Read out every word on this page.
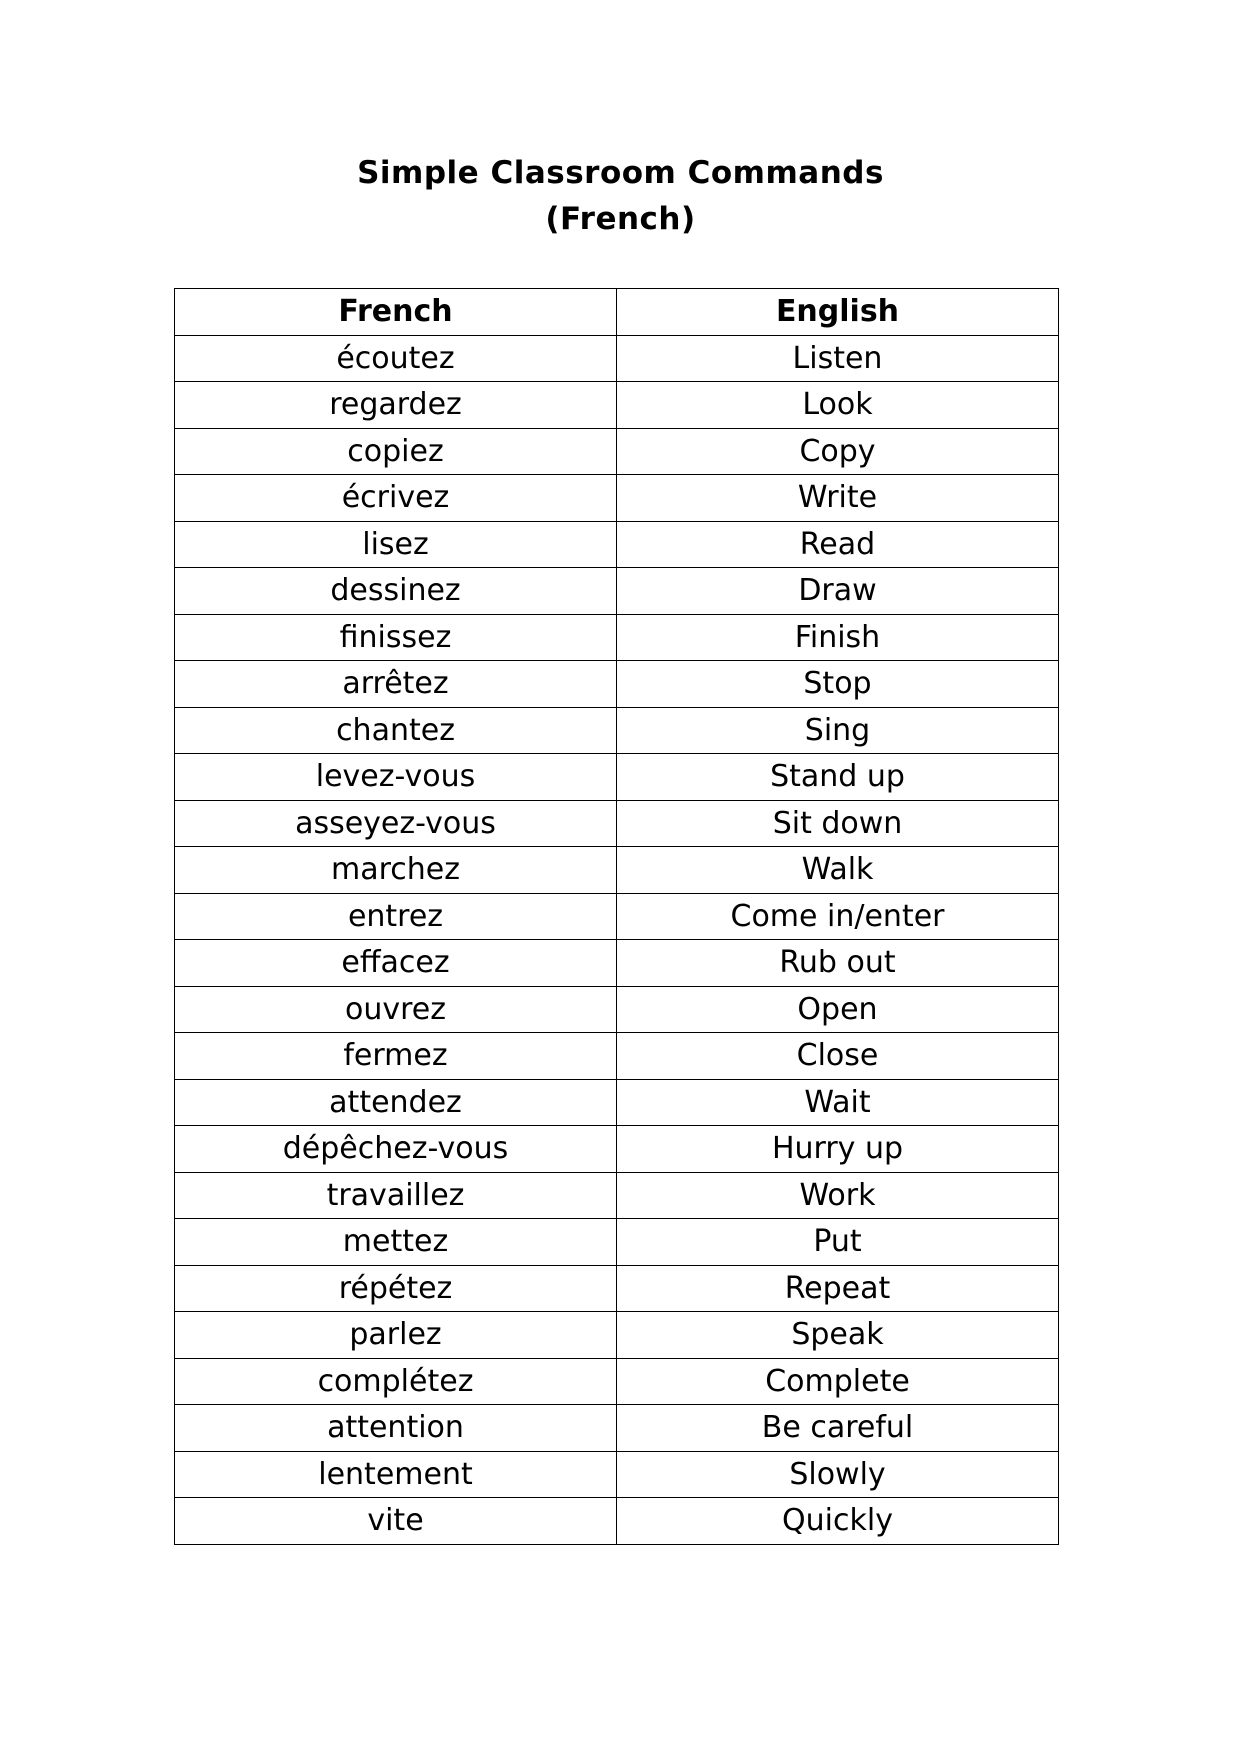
Simple Classroom Commands
(French)
French	English
écoutez	Listen
regardez	Look
copiez	Copy
écrivez	Write
lisez	Read
dessinez	Draw
finissez	Finish
arrêtez	Stop
chantez	Sing
levez-vous	Stand up
asseyez-vous	Sit down
marchez	Walk
entrez	Come in/enter
effacez	Rub out
ouvrez	Open
fermez	Close
attendez	Wait
dépêchez-vous	Hurry up
travaillez	Work
mettez	Put
répétez	Repeat
parlez	Speak
complétez	Complete
attention	Be careful
lentement	Slowly
vite	Quickly
